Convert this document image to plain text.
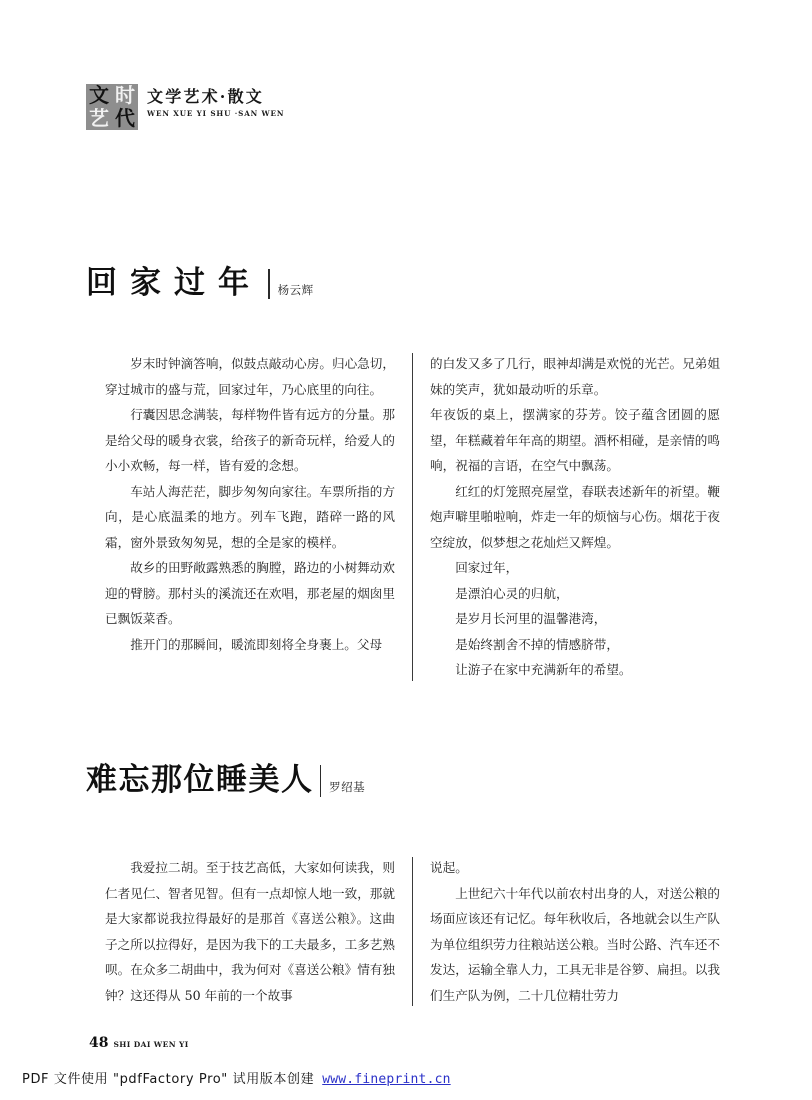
文 时
艺 代
文学艺术·散文
WEN XUE YI SHU ·SAN WEN
回家过年 杨云辉

岁末时钟滴答响，似鼓点敲动心房。归心急切，穿过城市的盛与荒，回家过年，乃心底里的向往。

行囊因思念满装，每样物件皆有远方的分量。那是给父母的暖身衣裳，给孩子的新奇玩样，给爱人的小小欢畅，每一样，皆有爱的念想。

车站人海茫茫，脚步匆匆向家往。车票所指的方向，是心底温柔的地方。列车飞跑，踏碎一路的风霜，窗外景致匆匆晃，想的全是家的模样。

故乡的田野敞露熟悉的胸膛，路边的小树舞动欢迎的臂膀。那村头的溪流还在欢唱，那老屋的烟囱里已飘饭菜香。

推开门的那瞬间，暖流即刻将全身裹上。父母

的白发又多了几行，眼神却满是欢悦的光芒。兄弟姐妹的笑声，犹如最动听的乐章。

年夜饭的桌上，摆满家的芬芳。饺子蕴含团圆的愿望，年糕藏着年年高的期望。酒杯相碰，是亲情的鸣响，祝福的言语，在空气中飘荡。

红红的灯笼照亮屋堂，春联表述新年的祈望。鞭炮声噼里啪啦响，炸走一年的烦恼与心伤。烟花于夜空绽放，似梦想之花灿烂又辉煌。

回家过年，

是漂泊心灵的归航，

是岁月长河里的温馨港湾，

是始终割舍不掉的情感脐带，

让游子在家中充满新年的希望。

难忘那位睡美人 罗绍基

我爱拉二胡。至于技艺高低，大家如何读我，则仁者见仁、智者见智。但有一点却惊人地一致，那就是大家都说我拉得最好的是那首《喜送公粮》。这曲子之所以拉得好，是因为我下的工夫最多，工多艺熟呗。在众多二胡曲中，我为何对《喜送公粮》情有独钟？这还得从 50 年前的一个故事

说起。

上世纪六十年代以前农村出身的人，对送公粮的场面应该还有记忆。每年秋收后，各地就会以生产队为单位组织劳力往粮站送公粮。当时公路、汽车还不发达，运输全靠人力，工具无非是谷箩、扁担。以我们生产队为例，二十几位精壮劳力

48 SHI DAI WEN YI
PDF 文件使用 "pdfFactory Pro" 试用版本创建 www.fineprint.cn
